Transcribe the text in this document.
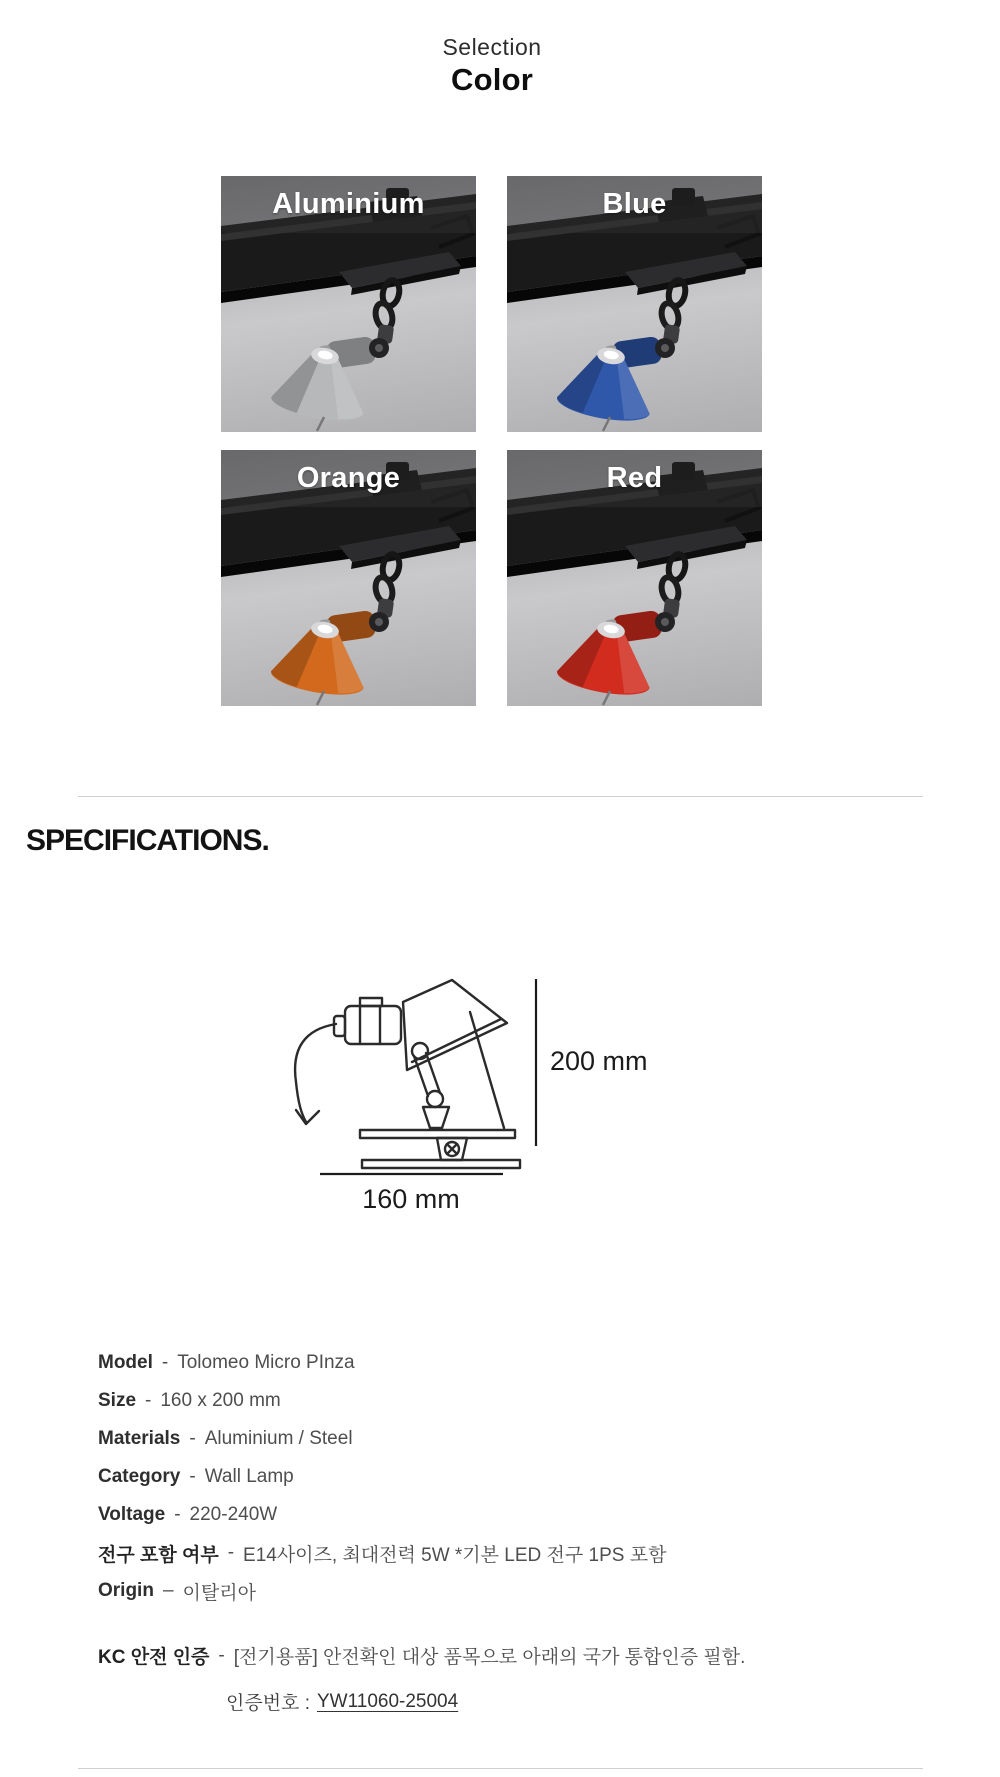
Selection
Color
Aluminium	Blue
Orange	Red
SPECIFICATIONS.
200 mm
160 mm
Model - Tolomeo Micro PInza
Size - 160 x 200 mm
Materials - Aluminium / Steel
Category - Wall Lamp
Voltage - 220-240W
전구 포함 여부 - E14사이즈, 최대전력 5W *기본 LED 전구 1PS 포함
Origin – 이탈리아
KC 안전 인증 - [전기용품] 안전확인 대상 품목으로 아래의 국가 통합인증 필함.
인증번호 : YW11060-25004
